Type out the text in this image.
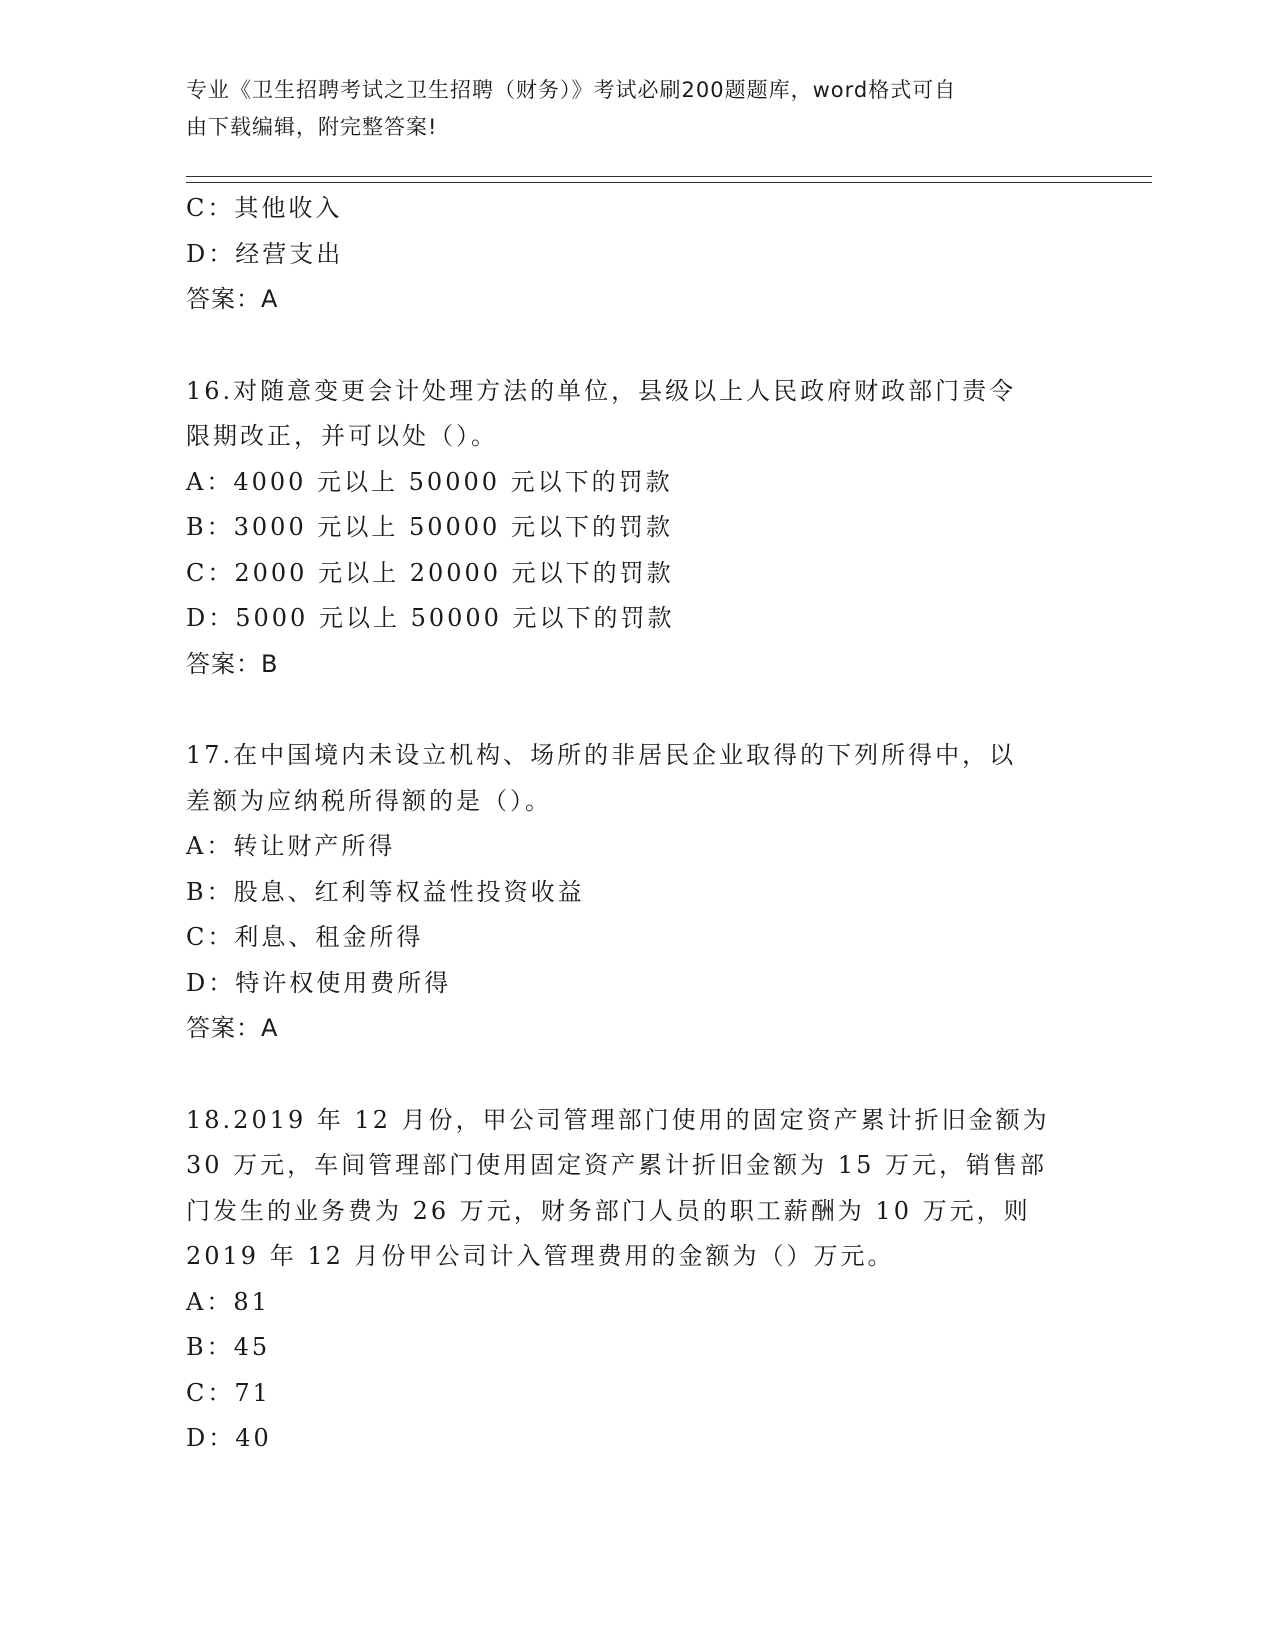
专业《卫生招聘考试之卫生招聘（财务）》考试必刷200题题库，word格式可自
由下载编辑，附完整答案!
C：其他收入
D：经营支出
答案：A
16.对随意变更会计处理方法的单位，县级以上人民政府财政部门责令
限期改正，并可以处（）。
A：4000 元以上 50000 元以下的罚款
B：3000 元以上 50000 元以下的罚款
C：2000 元以上 20000 元以下的罚款
D：5000 元以上 50000 元以下的罚款
答案：B
17.在中国境内未设立机构、场所的非居民企业取得的下列所得中，以
差额为应纳税所得额的是（）。
A：转让财产所得
B：股息、红利等权益性投资收益
C：利息、租金所得
D：特许权使用费所得
答案：A
18.2019 年 12 月份，甲公司管理部门使用的固定资产累计折旧金额为
30 万元，车间管理部门使用固定资产累计折旧金额为 15 万元，销售部
门发生的业务费为 26 万元，财务部门人员的职工薪酬为 10 万元，则
2019 年 12 月份甲公司计入管理费用的金额为（）万元。
A：81
B：45
C：71
D：40
